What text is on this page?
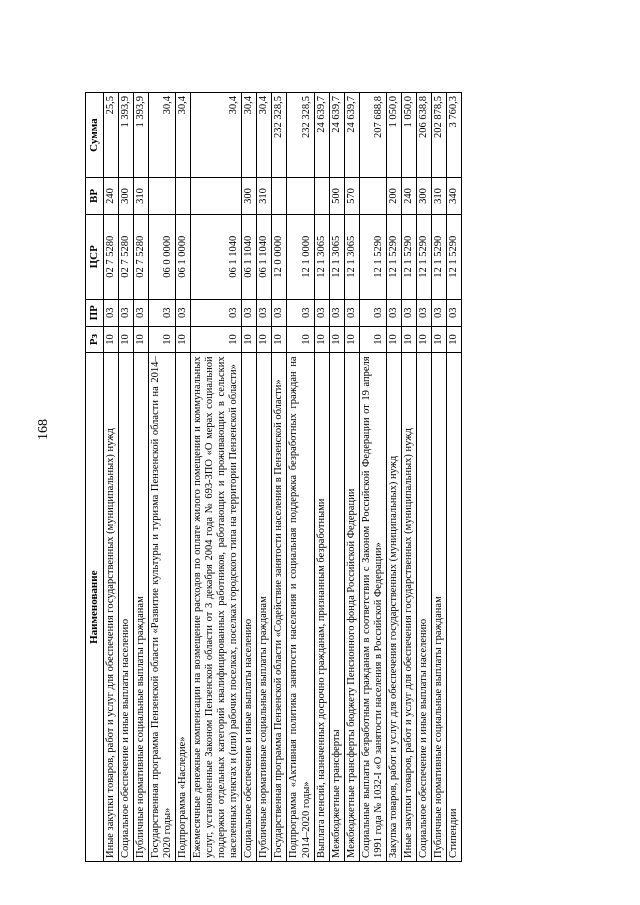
168
Наименование	Рз	ПР	ЦСР	ВР	Сумма
Иные закупки товаров, работ и услуг для обеспечения государственных (муниципальных) нужд	10	03	02 7 5280	240	25,5
Социальное обеспечение и иные выплаты населению	10	03	02 7 5280	300	1 393,9
Публичные нормативные социальные выплаты гражданам	10	03	02 7 5280	310	1 393,9
Государственная программа Пензенской области «Развитие культуры и туризма Пензенской области на 2014–2020 годы»	10	03	06 0 0000		30,4
Подпрограмма «Наследие»	10	03	06 1 0000		30,4
Ежемесячные денежные компенсации на возмещение расходов по оплате жилого помещения и коммунальных услуг, установленные Законом Пензенской области от 3 декабря 2004 года № 693-ЗПО «О мерах социальной поддержки отдельных категорий квалифицированных работников, работающих и проживающих в сельских населенных пунктах и (или) рабочих поселках, поселках городского типа на территории Пензенской области»	10	03	06 1 1040		30,4
Социальное обеспечение и иные выплаты населению	10	03	06 1 1040	300	30,4
Публичные нормативные социальные выплаты гражданам	10	03	06 1 1040	310	30,4
Государственная программа Пензенской области «Содействие занятости населения в Пензенской области»	10	03	12 0 0000		232 328,5
Подпрограмма «Активная политика занятости населения и социальная поддержка безработных граждан на 2014–2020 годы»	10	03	12 1 0000		232 328,5
Выплата пенсий, назначенных досрочно гражданам, признанным безработными	10	03	12 1 3065		24 639,7
Межбюджетные трансферты	10	03	12 1 3065	500	24 639,7
Межбюджетные трансферты бюджету Пенсионного фонда Российской Федерации	10	03	12 1 3065	570	24 639,7
Социальные выплаты безработным гражданам в соответствии с Законом Российской Федерации от 19 апреля 1991 года № 1032-I «О занятости населения в Российской Федерации»	10	03	12 1 5290		207 688,8
Закупка товаров, работ и услуг для обеспечения государственных (муниципальных) нужд	10	03	12 1 5290	200	1 050,0
Иные закупки товаров, работ и услуг для обеспечения государственных (муниципальных) нужд	10	03	12 1 5290	240	1 050,0
Социальное обеспечение и иные выплаты населению	10	03	12 1 5290	300	206 638,8
Публичные нормативные социальные выплаты гражданам	10	03	12 1 5290	310	202 878,5
Стипендии	10	03	12 1 5290	340	3 760,3
